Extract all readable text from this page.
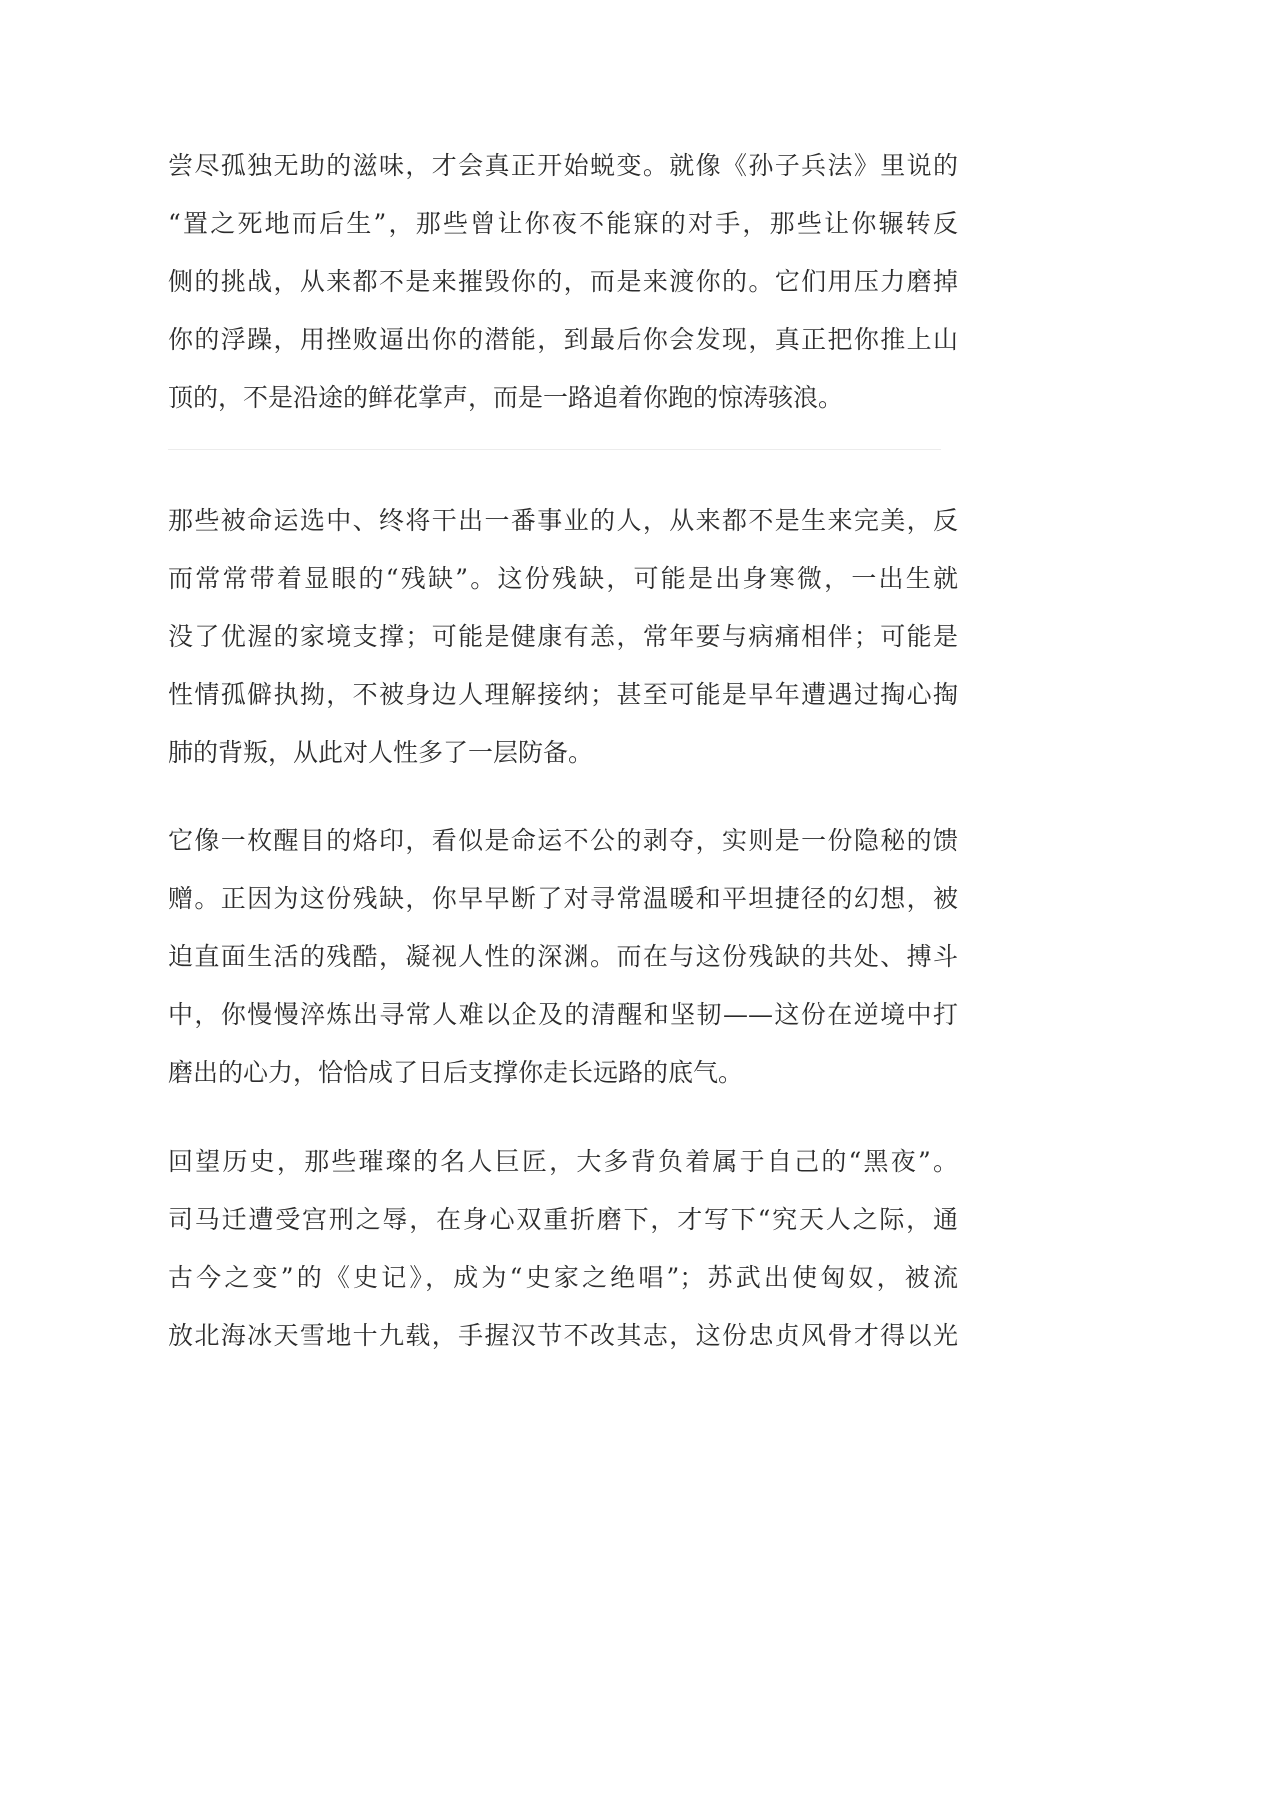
尝尽孤独无助的滋味，才会真正开始蜕变。就像《孙子兵法》里说的
“置之死地而后生”，那些曾让你夜不能寐的对手，那些让你辗转反
侧的挑战，从来都不是来摧毁你的，而是来渡你的。它们用压力磨掉
你的浮躁，用挫败逼出你的潜能，到最后你会发现，真正把你推上山
顶的，不是沿途的鲜花掌声，而是一路追着你跑的惊涛骇浪。
那些被命运选中、终将干出一番事业的人，从来都不是生来完美，反
而常常带着显眼的“残缺”。这份残缺，可能是出身寒微，一出生就
没了优渥的家境支撑；可能是健康有恙，常年要与病痛相伴；可能是
性情孤僻执拗，不被身边人理解接纳；甚至可能是早年遭遇过掏心掏
肺的背叛，从此对人性多了一层防备。
它像一枚醒目的烙印，看似是命运不公的剥夺，实则是一份隐秘的馈
赠。正因为这份残缺，你早早断了对寻常温暖和平坦捷径的幻想，被
迫直面生活的残酷，凝视人性的深渊。而在与这份残缺的共处、搏斗
中，你慢慢淬炼出寻常人难以企及的清醒和坚韧——这份在逆境中打
磨出的心力，恰恰成了日后支撑你走长远路的底气。
回望历史，那些璀璨的名人巨匠，大多背负着属于自己的“黑夜”。
司马迁遭受宫刑之辱，在身心双重折磨下，才写下“究天人之际，通
古今之变”的《史记》，成为“史家之绝唱”；苏武出使匈奴，被流
放北海冰天雪地十九载，手握汉节不改其志，这份忠贞风骨才得以光
